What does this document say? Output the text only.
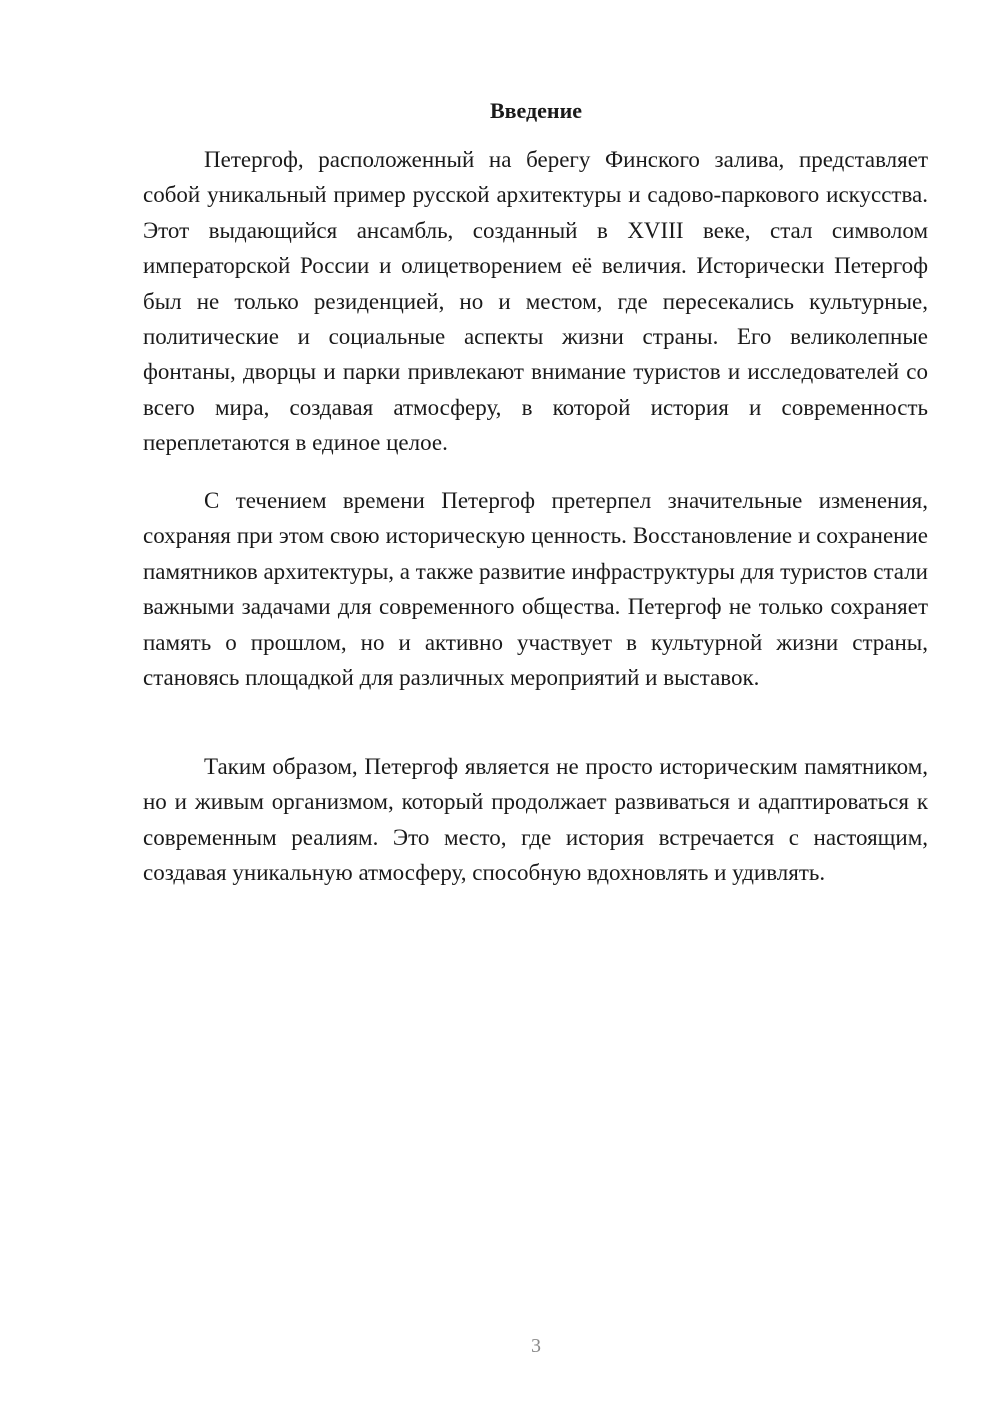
Введение

Петергоф, расположенный на берегу Финского залива, представляет собой уникальный пример русской архитектуры и садово-паркового искусства. Этот выдающийся ансамбль, созданный в XVIII веке, стал символом императорской России и олицетворением её величия. Исторически Петергоф был не только резиденцией, но и местом, где пересекались культурные, политические и социальные аспекты жизни страны. Его великолепные фонтаны, дворцы и парки привлекают внимание туристов и исследователей со всего мира, создавая атмосферу, в которой история и современность переплетаются в единое целое.

С течением времени Петергоф претерпел значительные изменения, сохраняя при этом свою историческую ценность. Восстановление и сохранение памятников архитектуры, а также развитие инфраструктуры для туристов стали важными задачами для современного общества. Петергоф не только сохраняет память о прошлом, но и активно участвует в культурной жизни страны, становясь площадкой для различных мероприятий и выставок.

Таким образом, Петергоф является не просто историческим памятником, но и живым организмом, который продолжает развиваться и адаптироваться к современным реалиям. Это место, где история встречается с настоящим, создавая уникальную атмосферу, способную вдохновлять и удивлять.

3
